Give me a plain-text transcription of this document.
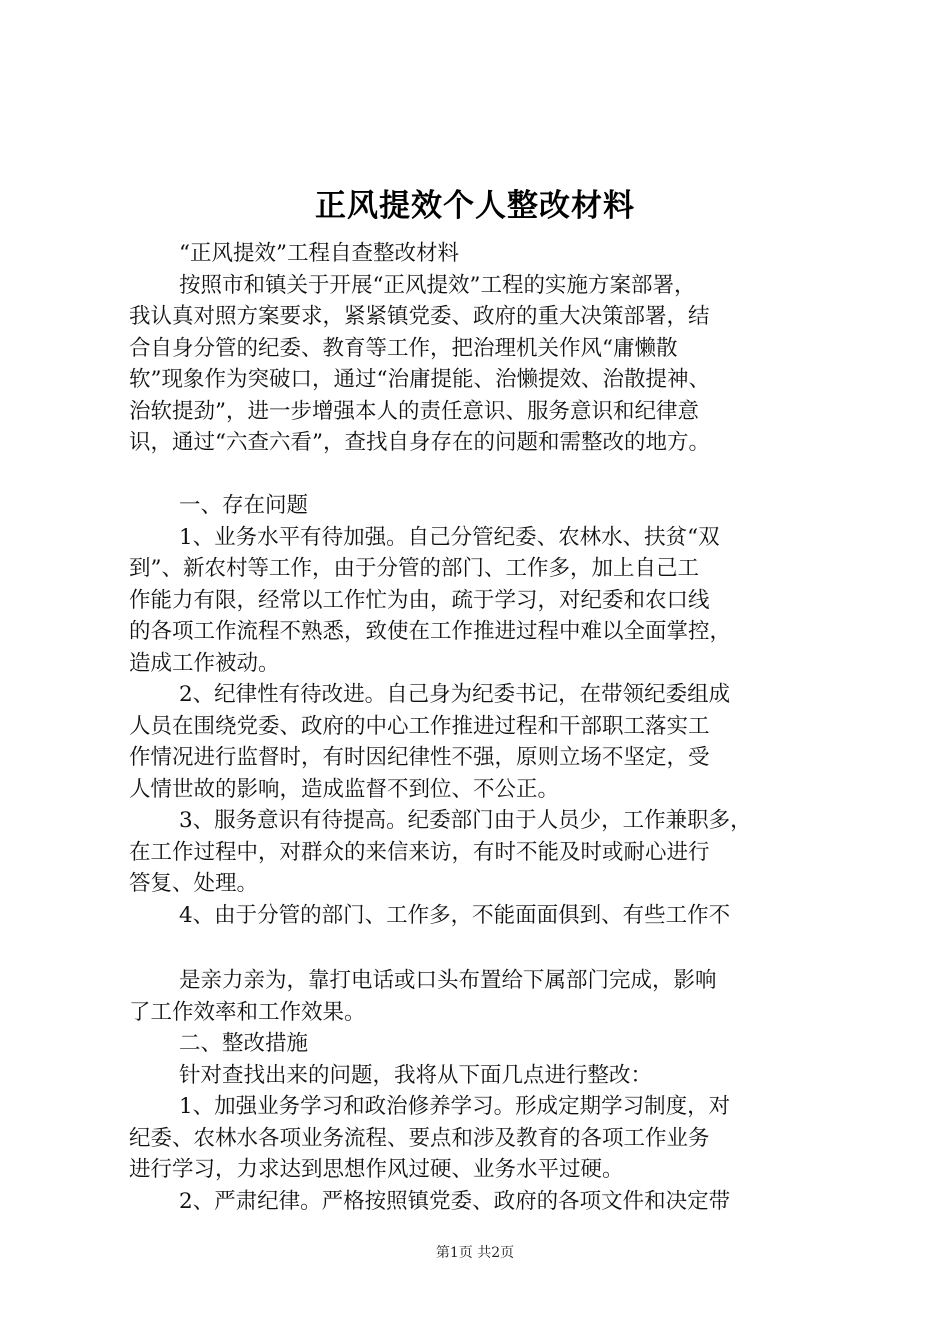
正风提效个人整改材料
“正风提效”工程自查整改材料
按照市和镇关于开展“正风提效”工程的实施方案部署，
我认真对照方案要求，紧紧镇党委、政府的重大决策部署，结
合自身分管的纪委、教育等工作，把治理机关作风“庸懒散
软”现象作为突破口，通过“治庸提能、治懒提效、治散提神、
治软提劲”，进一步增强本人的责任意识、服务意识和纪律意
识，通过“六查六看”，查找自身存在的问题和需整改的地方。
一、存在问题
1、业务水平有待加强。自己分管纪委、农林水、扶贫“双
到”、新农村等工作，由于分管的部门、工作多，加上自己工
作能力有限，经常以工作忙为由，疏于学习，对纪委和农口线
的各项工作流程不熟悉，致使在工作推进过程中难以全面掌控，
造成工作被动。
2、纪律性有待改进。自己身为纪委书记，在带领纪委组成
人员在围绕党委、政府的中心工作推进过程和干部职工落实工
作情况进行监督时，有时因纪律性不强，原则立场不坚定，受
人情世故的影响，造成监督不到位、不公正。
3、服务意识有待提高。纪委部门由于人员少，工作兼职多，
在工作过程中，对群众的来信来访，有时不能及时或耐心进行
答复、处理。
4、由于分管的部门、工作多，不能面面俱到、有些工作不
是亲力亲为，靠打电话或口头布置给下属部门完成，影响
了工作效率和工作效果。
二、整改措施
针对查找出来的问题，我将从下面几点进行整改：
1、加强业务学习和政治修养学习。形成定期学习制度，对
纪委、农林水各项业务流程、要点和涉及教育的各项工作业务
进行学习，力求达到思想作风过硬、业务水平过硬。
2、严肃纪律。严格按照镇党委、政府的各项文件和决定带
第1页 共2页
